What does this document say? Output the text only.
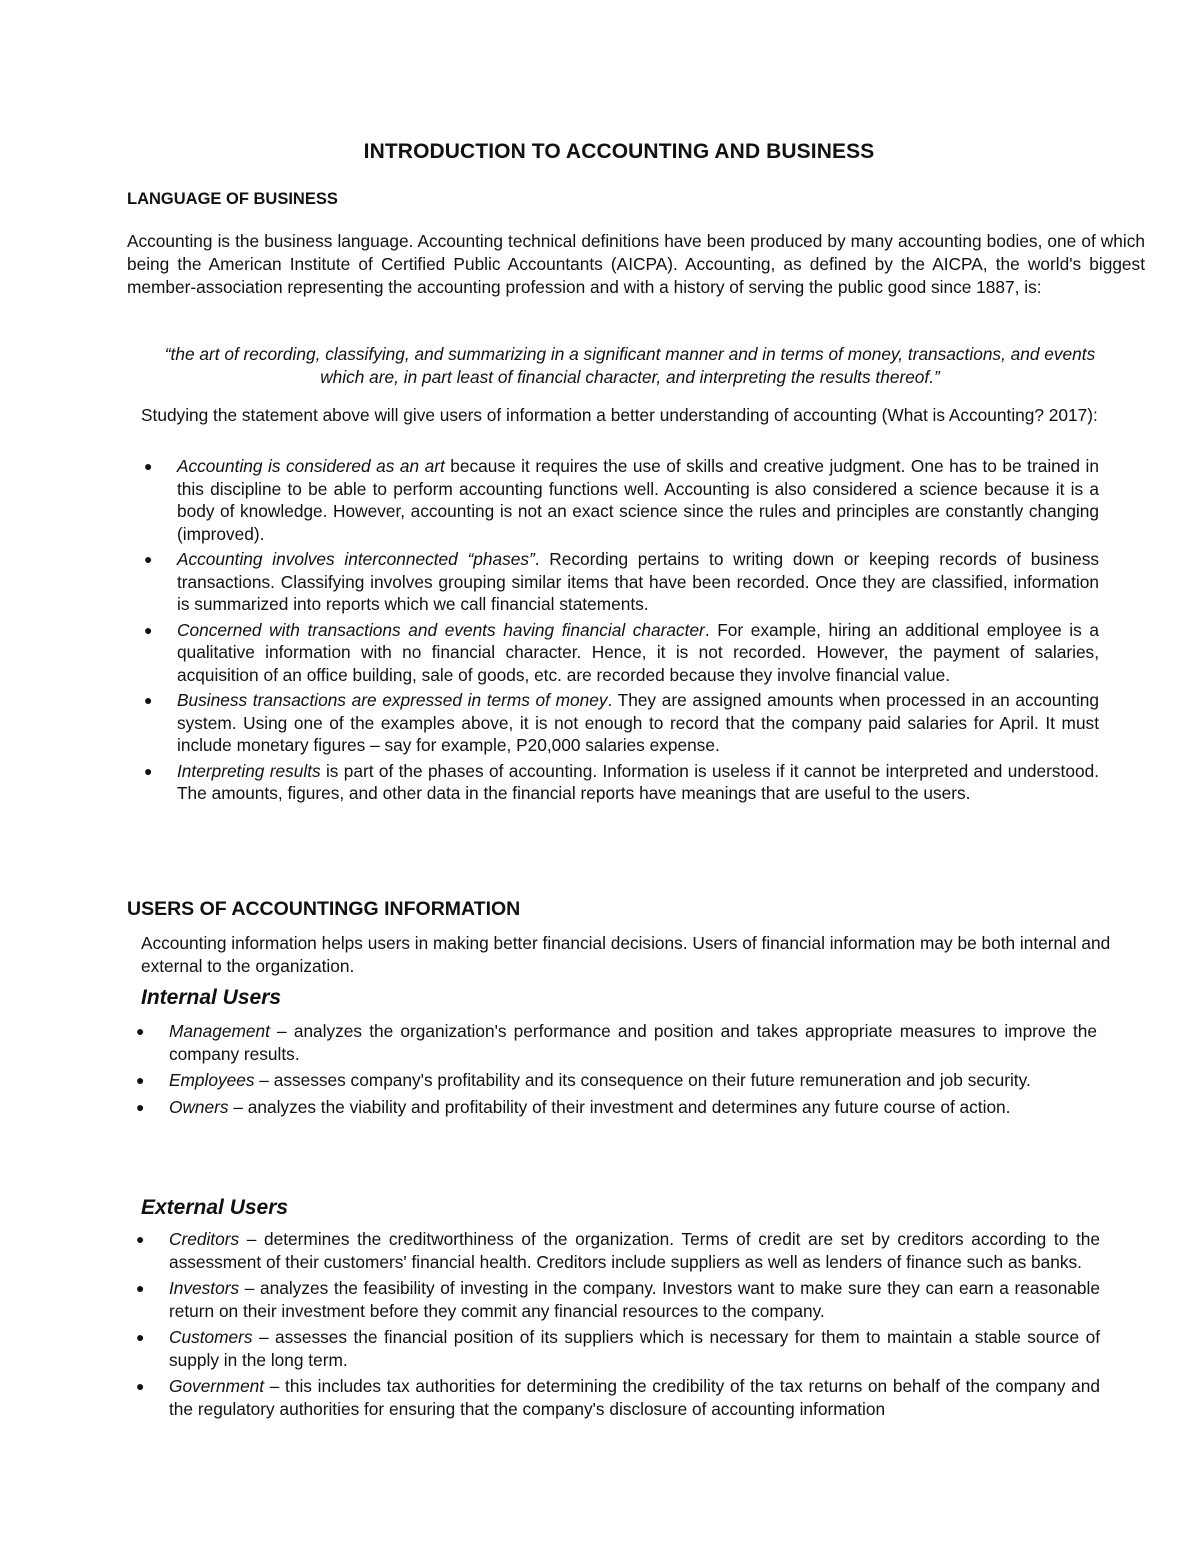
INTRODUCTION TO ACCOUNTING AND BUSINESS
LANGUAGE OF BUSINESS

Accounting is the business language. Accounting technical definitions have been produced by many accounting bodies, one of which being the American Institute of Certified Public Accountants (AICPA). Accounting, as defined by the AICPA, the world's biggest member-association representing the accounting profession and with a history of serving the public good since 1887, is:

“the art of recording, classifying, and summarizing in a significant manner and in terms of money, transactions, and events which are, in part least of financial character, and interpreting the results thereof.”

Studying the statement above will give users of information a better understanding of accounting (What is Accounting? 2017):

● Accounting is considered as an art because it requires the use of skills and creative judgment. One has to be trained in this discipline to be able to perform accounting functions well. Accounting is also considered a science because it is a body of knowledge. However, accounting is not an exact science since the rules and principles are constantly changing (improved).
● Accounting involves interconnected “phases”. Recording pertains to writing down or keeping records of business transactions. Classifying involves grouping similar items that have been recorded. Once they are classified, information is summarized into reports which we call financial statements.
● Concerned with transactions and events having financial character. For example, hiring an additional employee is a qualitative information with no financial character. Hence, it is not recorded. However, the payment of salaries, acquisition of an office building, sale of goods, etc. are recorded because they involve financial value.
● Business transactions are expressed in terms of money. They are assigned amounts when processed in an accounting system. Using one of the examples above, it is not enough to record that the company paid salaries for April. It must include monetary figures – say for example, P20,000 salaries expense.
● Interpreting results is part of the phases of accounting. Information is useless if it cannot be interpreted and understood. The amounts, figures, and other data in the financial reports have meanings that are useful to the users.
USERS OF ACCOUNTINGG INFORMATION

Accounting information helps users in making better financial decisions. Users of financial information may be both internal and external to the organization.

Internal Users
● Management – analyzes the organization's performance and position and takes appropriate measures to improve the company results.
● Employees – assesses company's profitability and its consequence on their future remuneration and job security.
● Owners – analyzes the viability and profitability of their investment and determines any future course of action.
External Users
● Creditors – determines the creditworthiness of the organization. Terms of credit are set by creditors according to the assessment of their customers' financial health. Creditors include suppliers as well as lenders of finance such as banks.
● Investors – analyzes the feasibility of investing in the company. Investors want to make sure they can earn a reasonable return on their investment before they commit any financial resources to the company.
● Customers – assesses the financial position of its suppliers which is necessary for them to maintain a stable source of supply in the long term.
● Government – this includes tax authorities for determining the credibility of the tax returns on behalf of the company and the regulatory authorities for ensuring that the company's disclosure of accounting information
